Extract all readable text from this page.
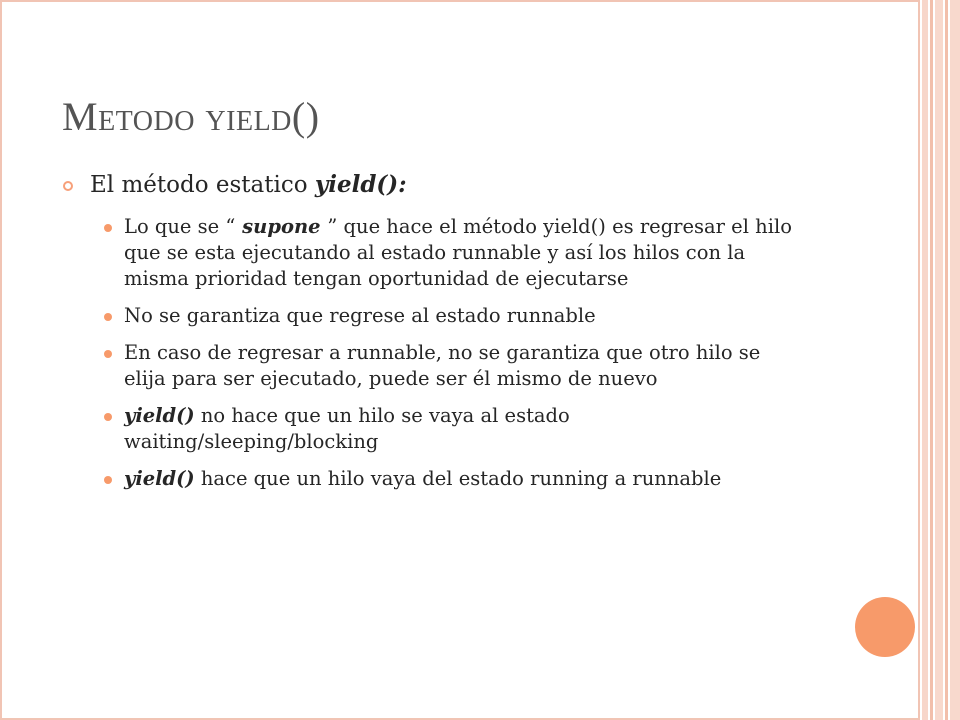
Metodo yield()
El método estatico yield():
Lo que se “ supone ” que hace el método yield() es regresar el hilo que se esta ejecutando al estado runnable y así los hilos con la misma prioridad tengan oportunidad de ejecutarse
No se garantiza que regrese al estado runnable
En caso de regresar a runnable, no se garantiza que otro hilo se elija para ser ejecutado, puede ser él mismo de nuevo
yield() no hace que un hilo se vaya al estado waiting/sleeping/blocking
yield() hace que un hilo vaya del estado running a runnable
